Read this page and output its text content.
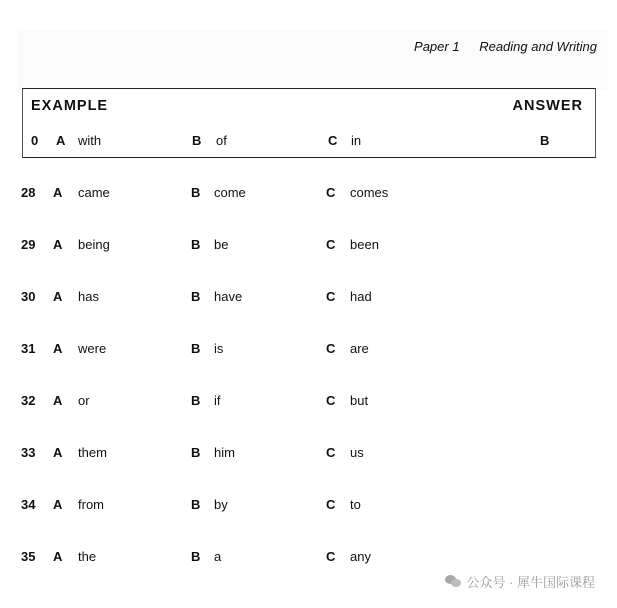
Paper 1 Reading and Writing
EXAMPLE	ANSWER
0 A with	B of	C in	B
28 A came	B come	C comes
29 A being	B be	C been
30 A has	B have	C had
31 A were	B is	C are
32 A or	B if	C but
33 A them	B him	C us
34 A from	B by	C to
35 A the	B a	C any
公众号 · 犀牛国际课程
